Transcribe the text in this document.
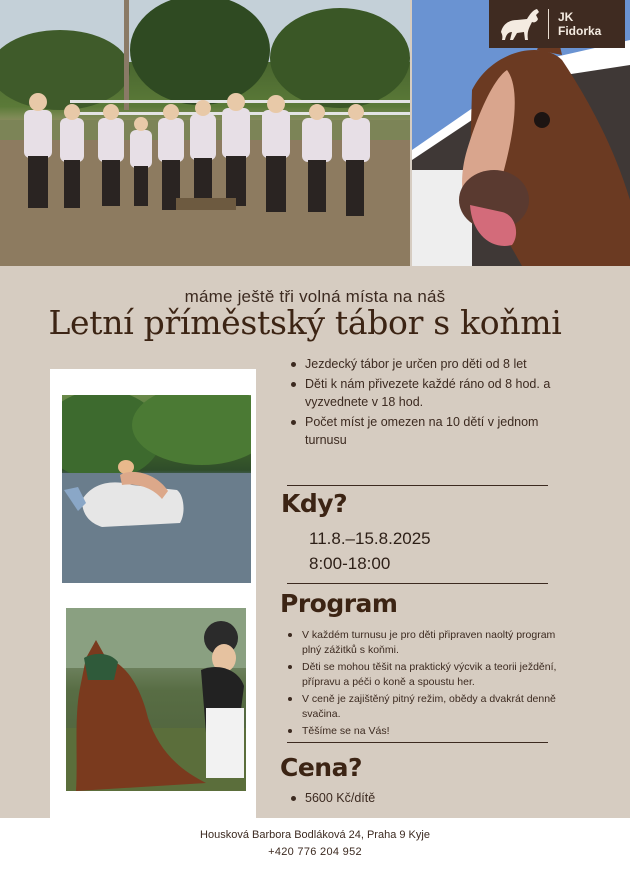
JK
Fidorka
máme ještě tři volná místa na náš
Letní příměstský tábor s koňmi
Jezdecký tábor je určen pro děti od 8 let
Děti k nám přivezete každé ráno od 8 hod. a vyzvednete v 18 hod.
Počet míst je omezen na 10 dětí v jednom turnusu
Kdy?
11.8.–15.8.2025
8:00-18:00
Program
V každém turnusu je pro děti připraven naoltý program plný zážitků s koňmi.
Děti se mohou těšit na praktický výcvik a teorii ježdění, přípravu a péči o koně a spoustu her.
V ceně je zajištěný pitný režim, obědy a dvakrát denně svačina.
Těšíme se na Vás!
Cena?
5600 Kč/dítě
Housková Barbora Bodláková 24, Praha 9 Kyje
+420 776 204 952
